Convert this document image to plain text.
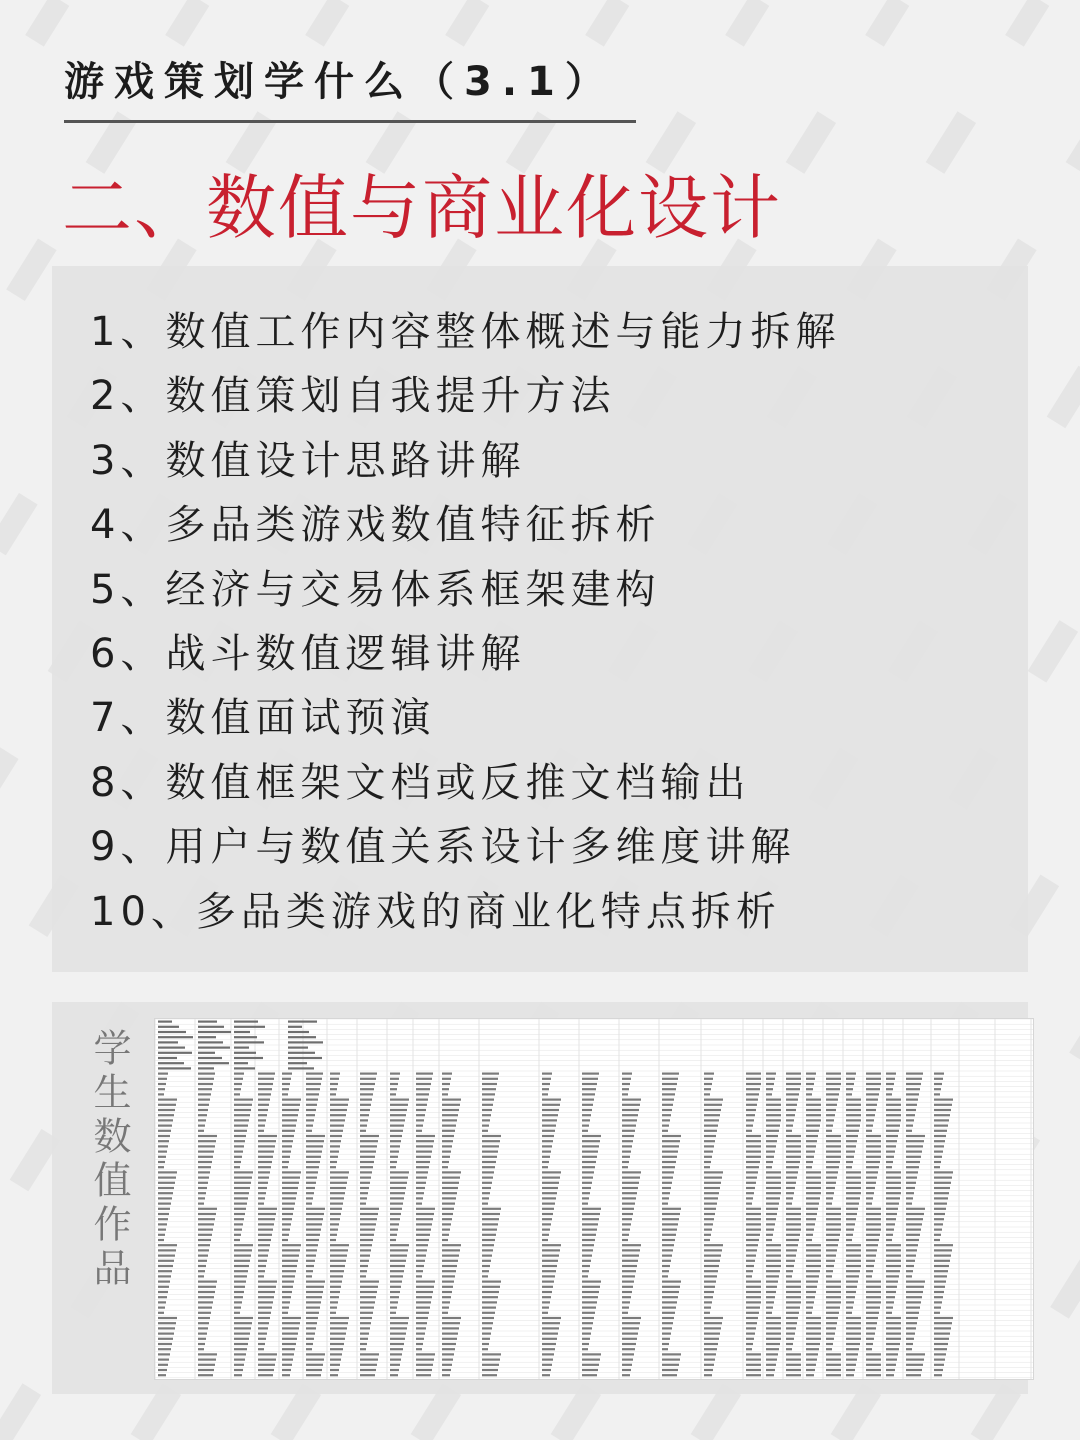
游戏策划学什么（3.1）
二、数值与商业化设计
1、数值工作内容整体概述与能力拆解
2、数值策划自我提升方法
3、数值设计思路讲解
4、多品类游戏数值特征拆析
5、经济与交易体系框架建构
6、战斗数值逻辑讲解
7、数值面试预演
8、数值框架文档或反推文档输出
9、用户与数值关系设计多维度讲解
10、多品类游戏的商业化特点拆析
学生数值作品
